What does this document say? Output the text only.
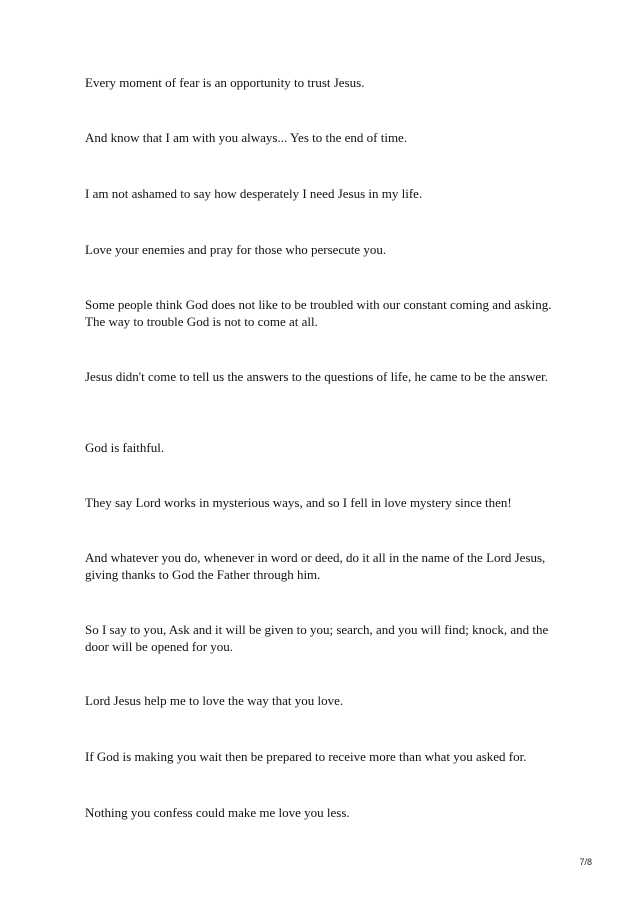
Every moment of fear is an opportunity to trust Jesus.

And know that I am with you always... Yes to the end of time.

I am not ashamed to say how desperately I need Jesus in my life.

Love your enemies and pray for those who persecute you.

Some people think God does not like to be troubled with our constant coming and asking. The way to trouble God is not to come at all.

Jesus didn't come to tell us the answers to the questions of life, he came to be the answer.

God is faithful.

They say Lord works in mysterious ways, and so I fell in love mystery since then!

And whatever you do, whenever in word or deed, do it all in the name of the Lord Jesus, giving thanks to God the Father through him.

So I say to you, Ask and it will be given to you; search, and you will find; knock, and the door will be opened for you.

Lord Jesus help me to love the way that you love.

If God is making you wait then be prepared to receive more than what you asked for.

Nothing you confess could make me love you less.

7/8
